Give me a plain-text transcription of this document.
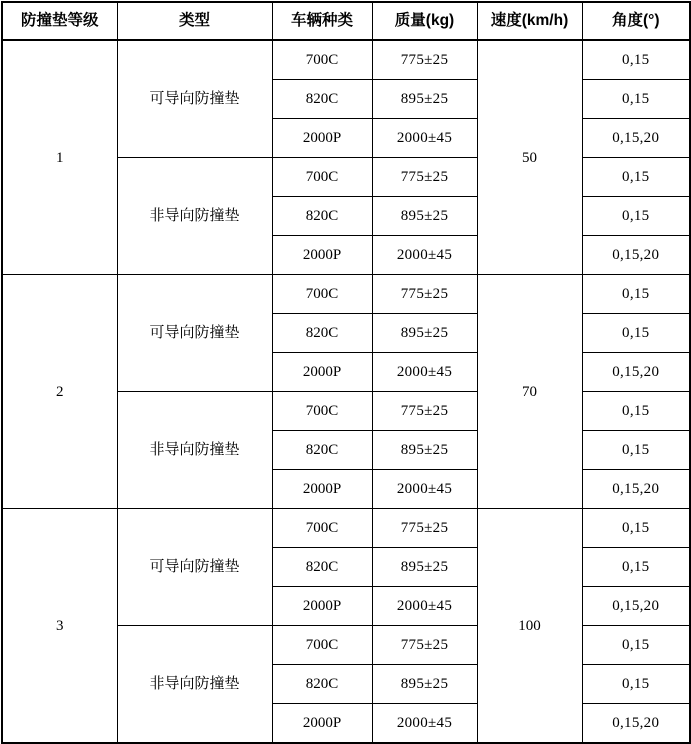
防撞垫等级	类型	车辆种类	质量(kg)	速度(km/h)	角度(°)
1	可导向防撞垫	700C	775±25	50	0,15
		820C	895±25		0,15
		2000P	2000±45		0,15,20
	非导向防撞垫	700C	775±25		0,15
		820C	895±25		0,15
		2000P	2000±45		0,15,20
2	可导向防撞垫	700C	775±25	70	0,15
		820C	895±25		0,15
		2000P	2000±45		0,15,20
	非导向防撞垫	700C	775±25		0,15
		820C	895±25		0,15
		2000P	2000±45		0,15,20
3	可导向防撞垫	700C	775±25	100	0,15
		820C	895±25		0,15
		2000P	2000±45		0,15,20
	非导向防撞垫	700C	775±25		0,15
		820C	895±25		0,15
		2000P	2000±45		0,15,20
